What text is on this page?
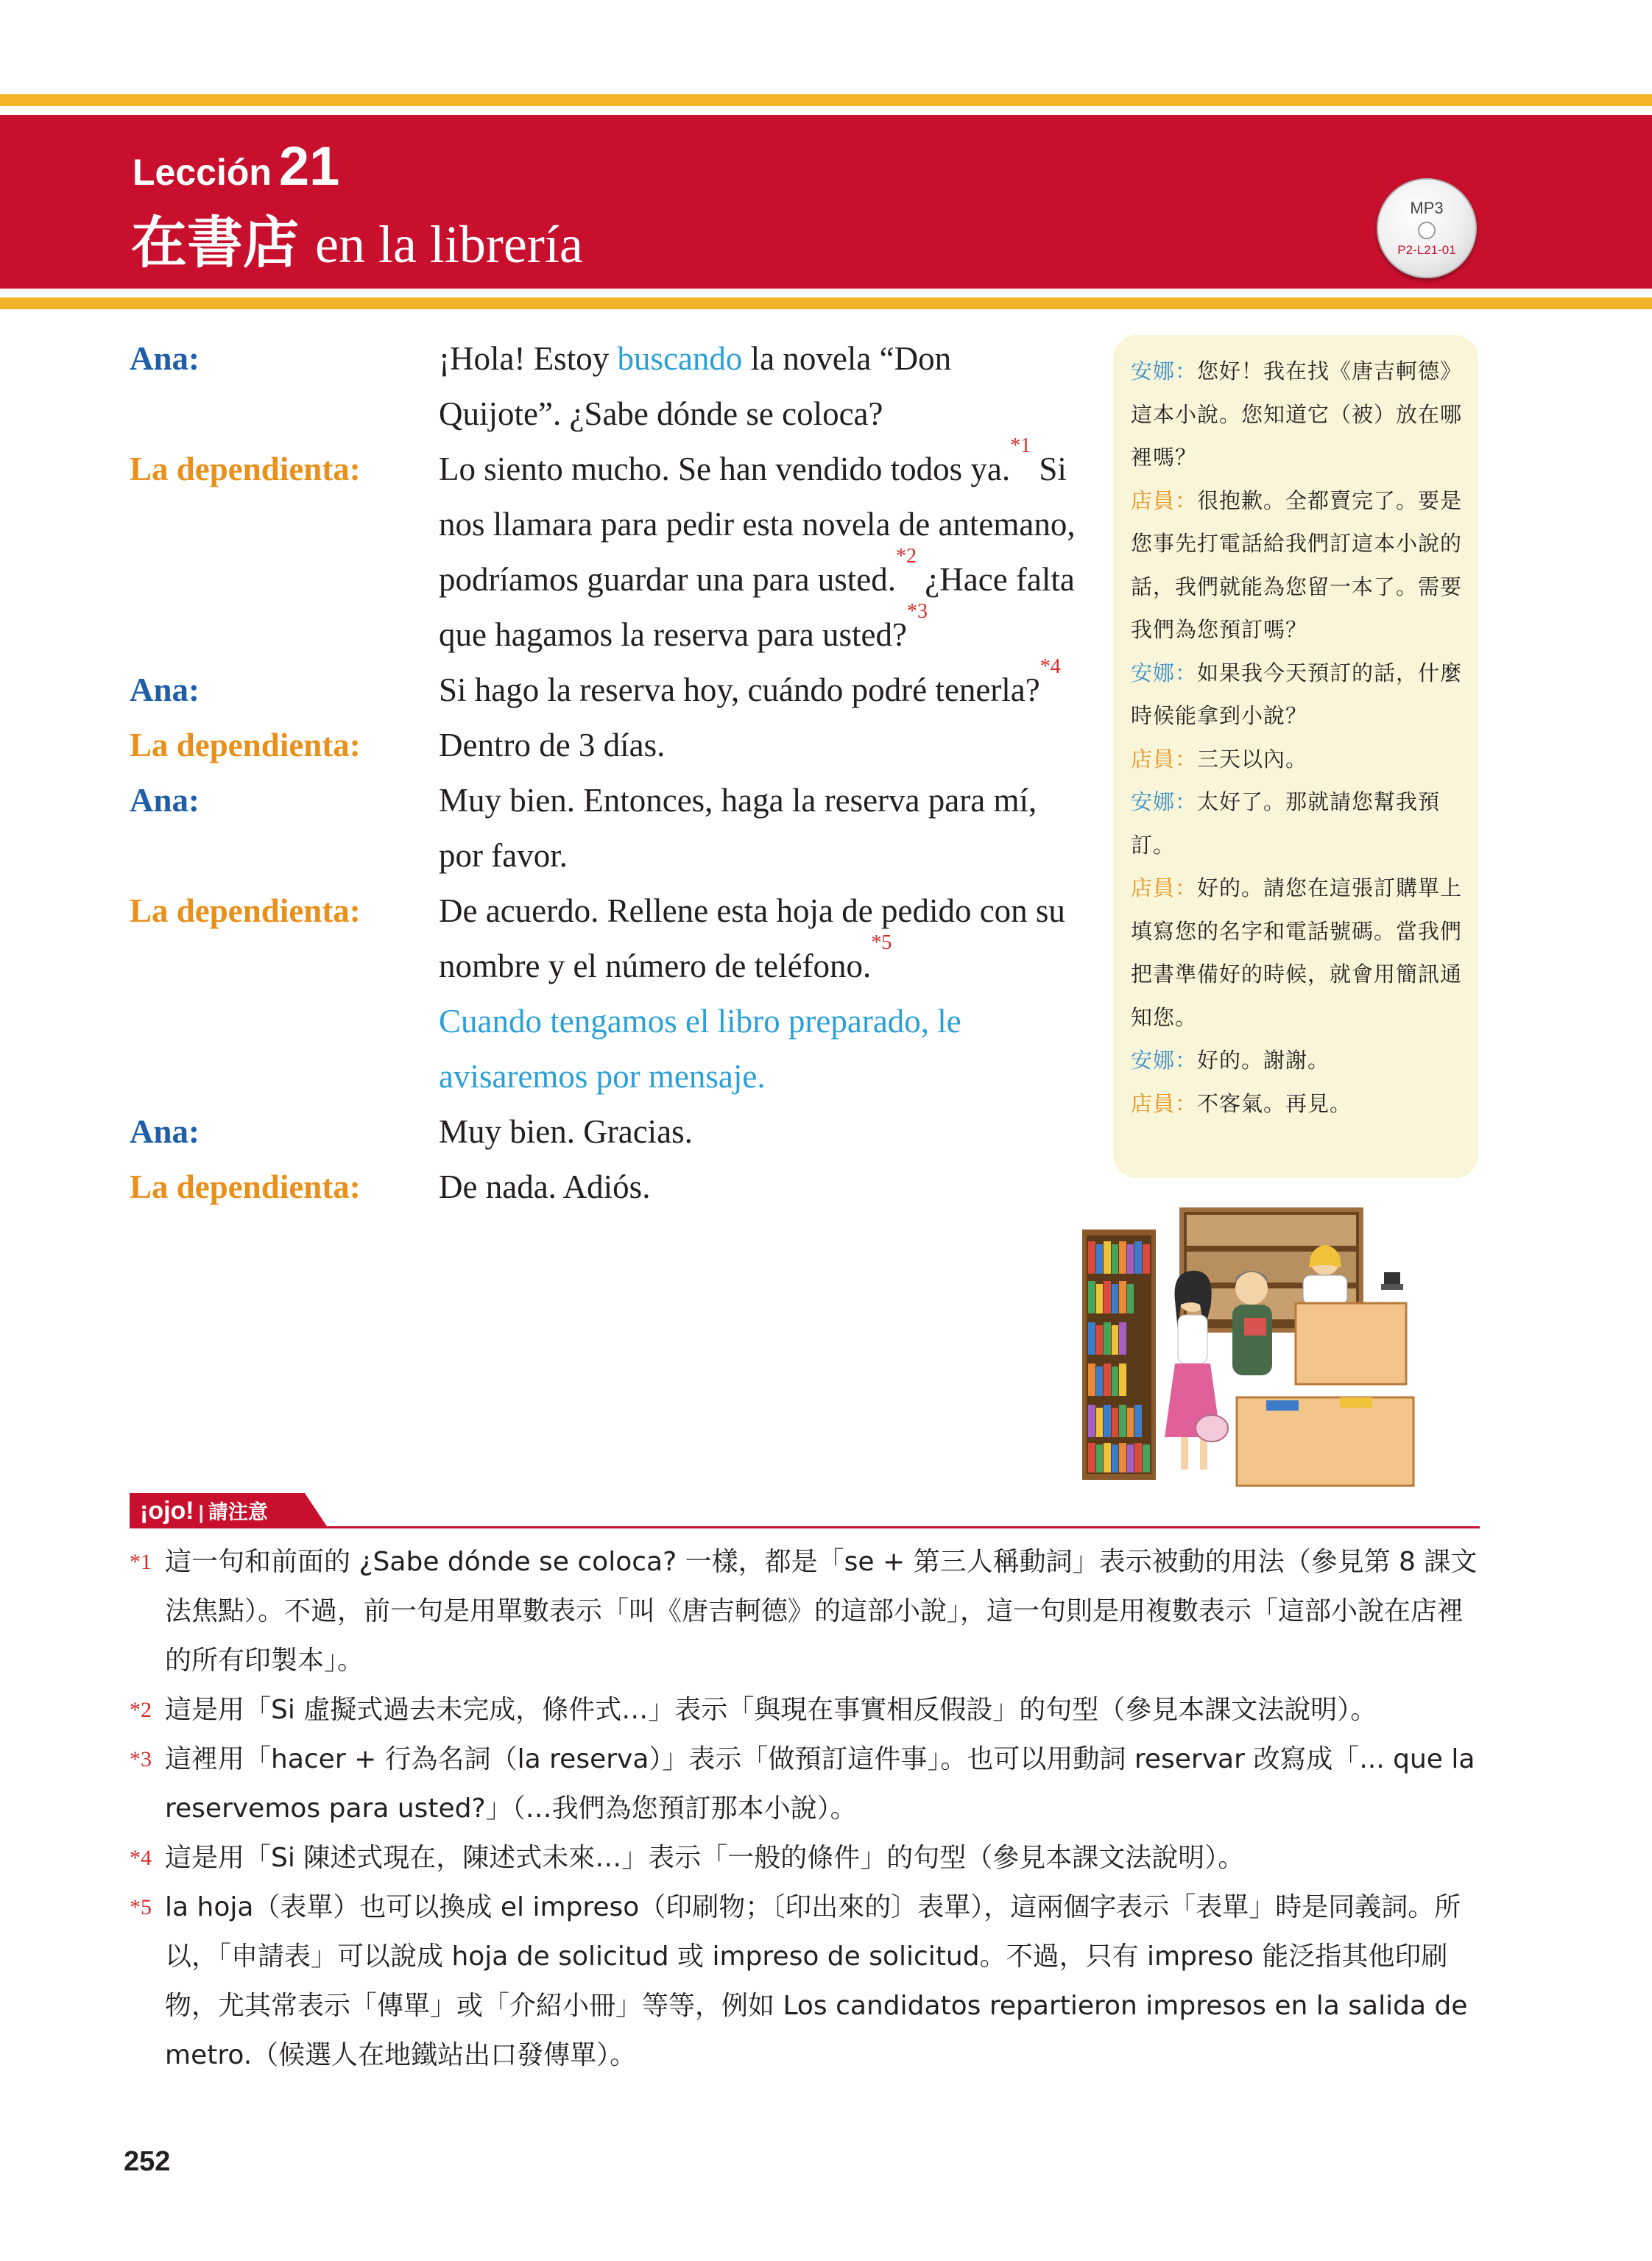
Lección 21
在書店 en la librería
MP3
P2-L21-01
Ana:	¡Hola! Estoy buscando la novela “Don Quijote”. ¿Sabe dónde se coloca?
La dependienta:	Lo siento mucho. Se han vendido todos ya.$^{*1}$ Si nos llamara para pedir esta novela de antemano, podríamos guardar una para usted.$^{*2}$ ¿Hace falta que hagamos la reserva para usted?$^{*3}$
Ana:	Si hago la reserva hoy, cuándo podré tenerla?$^{*4}$
La dependienta:	Dentro de 3 días.
Ana:	Muy bien. Entonces, haga la reserva para mí, por favor.
La dependienta:	De acuerdo. Rellene esta hoja de pedido con su nombre y el número de teléfono.$^{*5}$
Cuando tengamos el libro preparado, le avisaremos por mensaje.
Ana:	Muy bien. Gracias.
La dependienta:	De nada. Adiós.
安娜：您好！我在找《唐吉軻德》這本小說。您知道它（被）放在哪裡嗎？
店員：很抱歉。全都賣完了。要是您事先打電話給我們訂這本小說的話，我們就能為您留一本了。需要我們為您預訂嗎？
安娜：如果我今天預訂的話，什麼時候能拿到小說？
店員：三天以內。
安娜：太好了。那就請您幫我預訂。
店員：好的。請您在這張訂購單上填寫您的名字和電話號碼。當我們把書準備好的時候，就會用簡訊通知您。
安娜：好的。謝謝。
店員：不客氣。再見。
¡ojo! | 請注意
*1 這一句和前面的 ¿Sabe dónde se coloca? 一樣，都是「se + 第三人稱動詞」表示被動的用法（參見第 8 課文法焦點）。不過，前一句是用單數表示「叫《唐吉軻德》的這部小說」，這一句則是用複數表示「這部小說在店裡的所有印製本」。
*2 這是用「Si 虛擬式過去未完成，條件式…」表示「與現在事實相反假設」的句型（參見本課文法說明）。
*3 這裡用「hacer + 行為名詞（la reserva）」表示「做預訂這件事」。也可以用動詞 reservar 改寫成「... que la reservemos para usted?」（…我們為您預訂那本小說）。
*4 這是用「Si 陳述式現在，陳述式未來…」表示「一般的條件」的句型（參見本課文法說明）。
*5 la hoja（表單）也可以換成 el impreso（印刷物；〔印出來的〕表單），這兩個字表示「表單」時是同義詞。所以，「申請表」可以說成 hoja de solicitud 或 impreso de solicitud。不過，只有 impreso 能泛指其他印刷物，尤其常表示「傳單」或「介紹小冊」等等，例如 Los candidatos repartieron impresos en la salida de metro.（候選人在地鐵站出口發傳單）。
252
